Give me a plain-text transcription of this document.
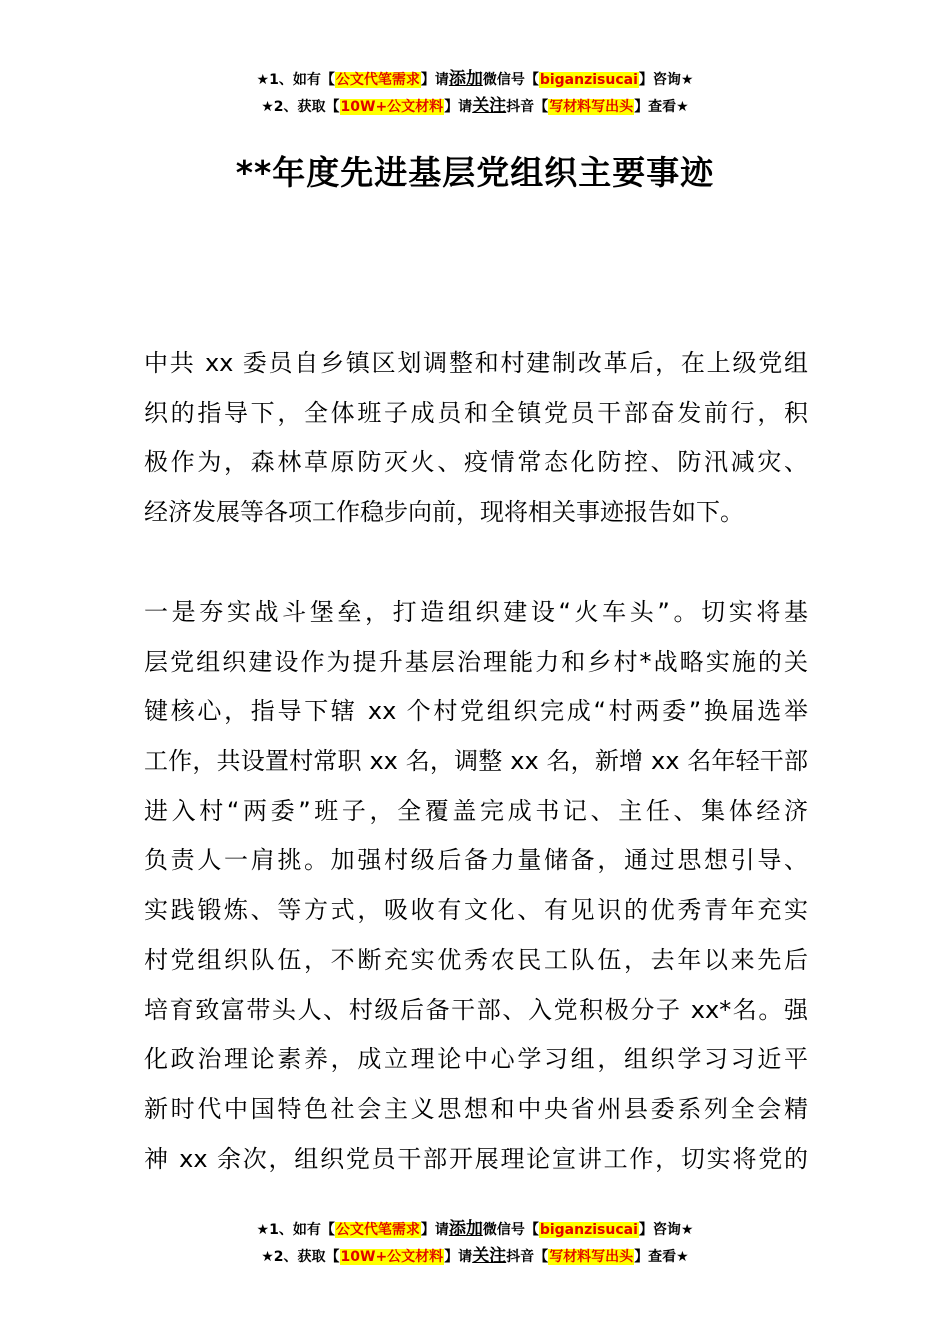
★1、如有【公文代笔需求】请添加微信号【biganzisucai】咨询★
★2、获取【10W+公文材料】请关注抖音【写材料写出头】查看★
**年度先进基层党组织主要事迹
中共 xx 委员自乡镇区划调整和村建制改革后，在上级党组
织的指导下，全体班子成员和全镇党员干部奋发前行，积
极作为，森林草原防灭火、疫情常态化防控、防汛减灾、
经济发展等各项工作稳步向前，现将相关事迹报告如下。
一是夯实战斗堡垒，打造组织建设“火车头”。切实将基
层党组织建设作为提升基层治理能力和乡村*战略实施的关
键核心，指导下辖 xx 个村党组织完成“村两委”换届选举
工作，共设置村常职 xx 名，调整 xx 名，新增 xx 名年轻干部
进入村“两委”班子，全覆盖完成书记、主任、集体经济
负责人一肩挑。加强村级后备力量储备，通过思想引导、
实践锻炼、等方式，吸收有文化、有见识的优秀青年充实
村党组织队伍，不断充实优秀农民工队伍，去年以来先后
培育致富带头人、村级后备干部、入党积极分子 xx*名。强
化政治理论素养，成立理论中心学习组，组织学习习近平
新时代中国特色社会主义思想和中央省州县委系列全会精
神 xx 余次，组织党员干部开展理论宣讲工作，切实将党的
★1、如有【公文代笔需求】请添加微信号【biganzisucai】咨询★
★2、获取【10W+公文材料】请关注抖音【写材料写出头】查看★
